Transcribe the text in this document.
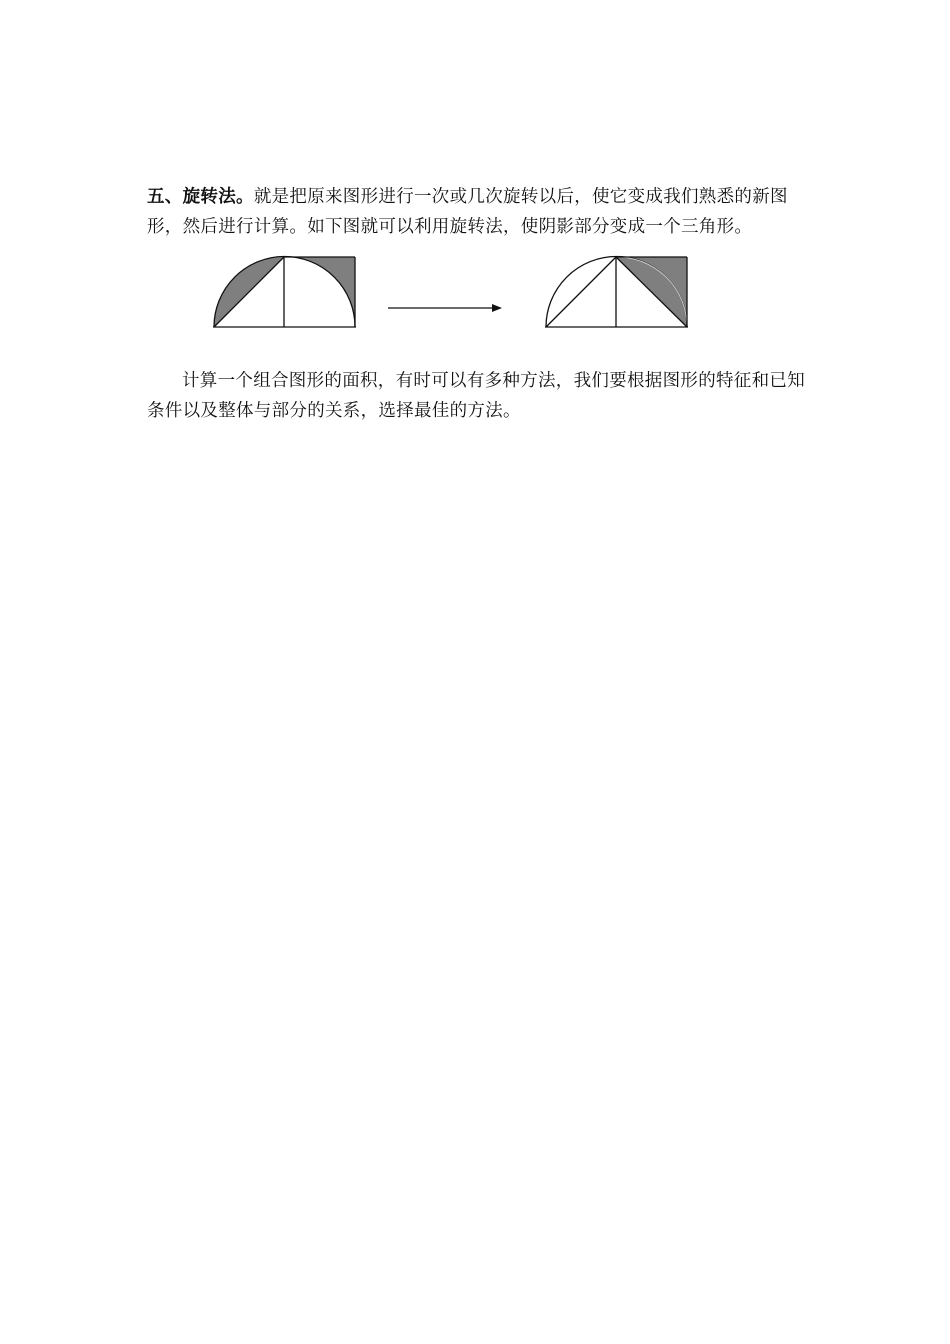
五、旋转法。就是把原来图形进行一次或几次旋转以后，使它变成我们熟悉的新图形，然后进行计算。如下图就可以利用旋转法，使阴影部分变成一个三角形。

计算一个组合图形的面积，有时可以有多种方法，我们要根据图形的特征和已知条件以及整体与部分的关系，选择最佳的方法。
